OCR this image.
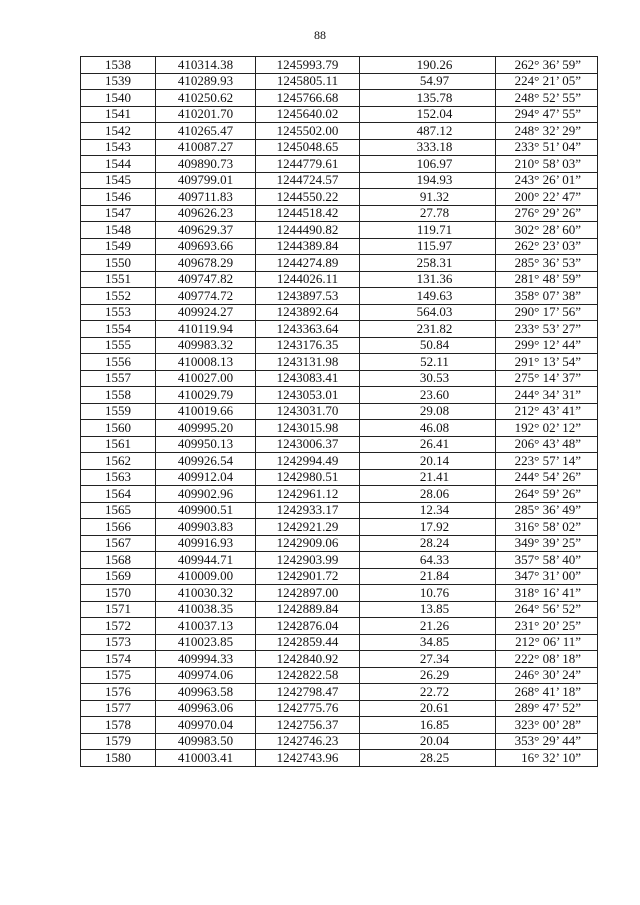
88
1538	410314.38	1245993.79	190.26	262° 36’ 59”
1539	410289.93	1245805.11	54.97	224° 21’ 05”
1540	410250.62	1245766.68	135.78	248° 52’ 55”
1541	410201.70	1245640.02	152.04	294° 47’ 55”
1542	410265.47	1245502.00	487.12	248° 32’ 29”
1543	410087.27	1245048.65	333.18	233° 51’ 04”
1544	409890.73	1244779.61	106.97	210° 58’ 03”
1545	409799.01	1244724.57	194.93	243° 26’ 01”
1546	409711.83	1244550.22	91.32	200° 22’ 47”
1547	409626.23	1244518.42	27.78	276° 29’ 26”
1548	409629.37	1244490.82	119.71	302° 28’ 60”
1549	409693.66	1244389.84	115.97	262° 23’ 03”
1550	409678.29	1244274.89	258.31	285° 36’ 53”
1551	409747.82	1244026.11	131.36	281° 48’ 59”
1552	409774.72	1243897.53	149.63	358° 07’ 38”
1553	409924.27	1243892.64	564.03	290° 17’ 56”
1554	410119.94	1243363.64	231.82	233° 53’ 27”
1555	409983.32	1243176.35	50.84	299° 12’ 44”
1556	410008.13	1243131.98	52.11	291° 13’ 54”
1557	410027.00	1243083.41	30.53	275° 14’ 37”
1558	410029.79	1243053.01	23.60	244° 34’ 31”
1559	410019.66	1243031.70	29.08	212° 43’ 41”
1560	409995.20	1243015.98	46.08	192° 02’ 12”
1561	409950.13	1243006.37	26.41	206° 43’ 48”
1562	409926.54	1242994.49	20.14	223° 57’ 14”
1563	409912.04	1242980.51	21.41	244° 54’ 26”
1564	409902.96	1242961.12	28.06	264° 59’ 26”
1565	409900.51	1242933.17	12.34	285° 36’ 49”
1566	409903.83	1242921.29	17.92	316° 58’ 02”
1567	409916.93	1242909.06	28.24	349° 39’ 25”
1568	409944.71	1242903.99	64.33	357° 58’ 40”
1569	410009.00	1242901.72	21.84	347° 31’ 00”
1570	410030.32	1242897.00	10.76	318° 16’ 41”
1571	410038.35	1242889.84	13.85	264° 56’ 52”
1572	410037.13	1242876.04	21.26	231° 20’ 25”
1573	410023.85	1242859.44	34.85	212° 06’ 11”
1574	409994.33	1242840.92	27.34	222° 08’ 18”
1575	409974.06	1242822.58	26.29	246° 30’ 24”
1576	409963.58	1242798.47	22.72	268° 41’ 18”
1577	409963.06	1242775.76	20.61	289° 47’ 52”
1578	409970.04	1242756.37	16.85	323° 00’ 28”
1579	409983.50	1242746.23	20.04	353° 29’ 44”
1580	410003.41	1242743.96	28.25	16° 32’ 10”
